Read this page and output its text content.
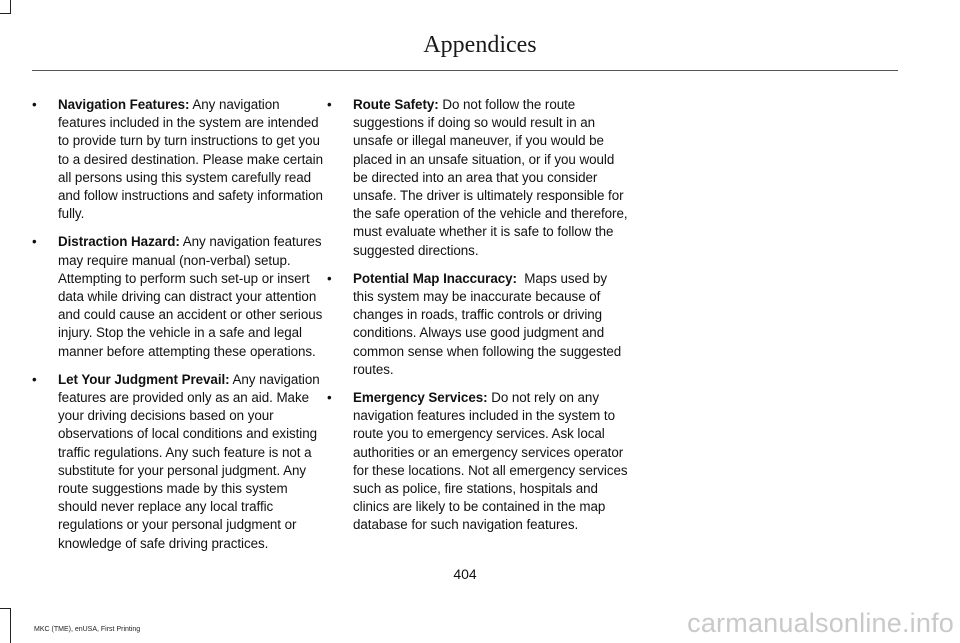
Appendices
• Navigation Features: Any navigation features included in the system are intended to provide turn by turn instructions to get you to a desired destination. Please make certain all persons using this system carefully read and follow instructions and safety information fully.
• Distraction Hazard: Any navigation features may require manual (non-verbal) setup. Attempting to perform such set-up or insert data while driving can distract your attention and could cause an accident or other serious injury. Stop the vehicle in a safe and legal manner before attempting these operations.
• Let Your Judgment Prevail: Any navigation features are provided only as an aid. Make your driving decisions based on your observations of local conditions and existing traffic regulations. Any such feature is not a substitute for your personal judgment. Any route suggestions made by this system should never replace any local traffic regulations or your personal judgment or knowledge of safe driving practices.
• Route Safety: Do not follow the route suggestions if doing so would result in an unsafe or illegal maneuver, if you would be placed in an unsafe situation, or if you would be directed into an area that you consider unsafe. The driver is ultimately responsible for the safe operation of the vehicle and therefore, must evaluate whether it is safe to follow the suggested directions.
• Potential Map Inaccuracy:  Maps used by this system may be inaccurate because of changes in roads, traffic controls or driving conditions. Always use good judgment and common sense when following the suggested routes.
• Emergency Services: Do not rely on any navigation features included in the system to route you to emergency services. Ask local authorities or an emergency services operator for these locations. Not all emergency services such as police, fire stations, hospitals and clinics are likely to be contained in the map database for such navigation features.
404
MKC (TME), enUSA, First Printing	carmanualsonline.info
